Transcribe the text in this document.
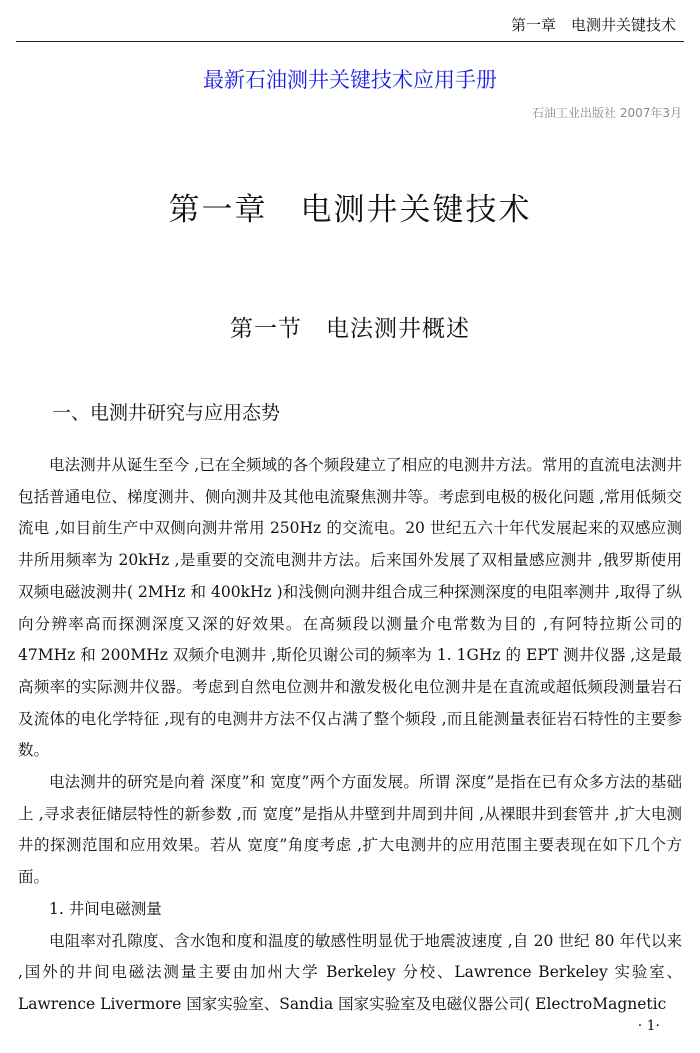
第一章　电测井关键技术
最新石油测井关键技术应用手册
石油工业出版社 2007年3月
第一章　电测井关键技术
第一节　电法测井概述
一、电测井研究与应用态势

电法测井从诞生至今 ,已在全频域的各个频段建立了相应的电测井方法。常用的直流电法测井包括普通电位、梯度测井、侧向测井及其他电流聚焦测井等。考虑到电极的极化问题 ,常用低频交流电 ,如目前生产中双侧向测井常用 250Hz 的交流电。20 世纪五六十年代发展起来的双感应测井所用频率为 20kHz ,是重要的交流电测井方法。后来国外发展了双相量感应测井 ,俄罗斯使用双频电磁波测井( 2MHz 和 400kHz )和浅侧向测井组合成三种探测深度的电阻率测井 ,取得了纵向分辨率高而探测深度又深的好效果。在高频段以测量介电常数为目的 ,有阿特拉斯公司的 47MHz 和 200MHz 双频介电测井 ,斯伦贝谢公司的频率为 1. 1GHz 的 EPT 测井仪器 ,这是最高频率的实际测井仪器。考虑到自然电位测井和激发极化电位测井是在直流或超低频段测量岩石及流体的电化学特征 ,现有的电测井方法不仅占满了整个频段 ,而且能测量表征岩石特性的主要参数。

电法测井的研究是向着 深度”和 宽度”两个方面发展。所谓 深度”是指在已有众多方法的基础上 ,寻求表征储层特性的新参数 ,而 宽度”是指从井壁到井周到井间 ,从裸眼井到套管井 ,扩大电测井的探测范围和应用效果。若从 宽度”角度考虑 ,扩大电测井的应用范围主要表现在如下几个方面。

1. 井间电磁测量

电阻率对孔隙度、含水饱和度和温度的敏感性明显优于地震波速度 ,自 20 世纪 80 年代以来 ,国外的井间电磁法测量主要由加州大学 Berkeley 分校、Lawrence Berkeley 实验室、Lawrence Livermore 国家实验室、Sandia 国家实验室及电磁仪器公司( ElectroMagnetic

· 1·
